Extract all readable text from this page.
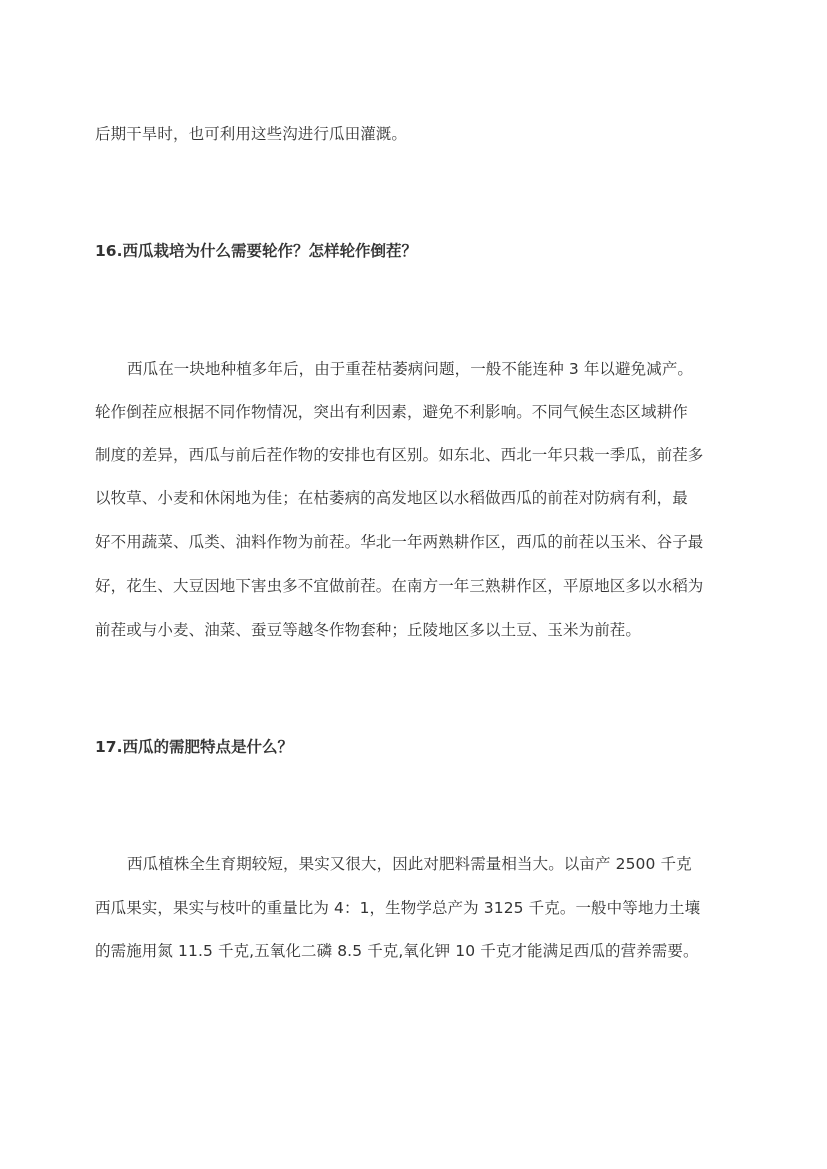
后期干旱时，也可利用这些沟进行瓜田灌溉。
16.西瓜栽培为什么需要轮作？怎样轮作倒茬？
西瓜在一块地种植多年后，由于重茬枯萎病问题，一般不能连种 3 年以避免减产。
轮作倒茬应根据不同作物情况，突出有利因素，避免不利影响。不同气候生态区域耕作
制度的差异，西瓜与前后茬作物的安排也有区别。如东北、西北一年只栽一季瓜，前茬多
以牧草、小麦和休闲地为佳；在枯萎病的高发地区以水稻做西瓜的前茬对防病有利，最
好不用蔬菜、瓜类、油料作物为前茬。华北一年两熟耕作区，西瓜的前茬以玉米、谷子最
好，花生、大豆因地下害虫多不宜做前茬。在南方一年三熟耕作区，平原地区多以水稻为
前茬或与小麦、油菜、蚕豆等越冬作物套种；丘陵地区多以土豆、玉米为前茬。
17.西瓜的需肥特点是什么？
西瓜植株全生育期较短，果实又很大，因此对肥料需量相当大。以亩产 2500 千克
西瓜果实，果实与枝叶的重量比为 4：1，生物学总产为 3125 千克。一般中等地力土壤
的需施用氮 11.5 千克,五氧化二磷 8.5 千克,氧化钾 10 千克才能满足西瓜的营养需要。
